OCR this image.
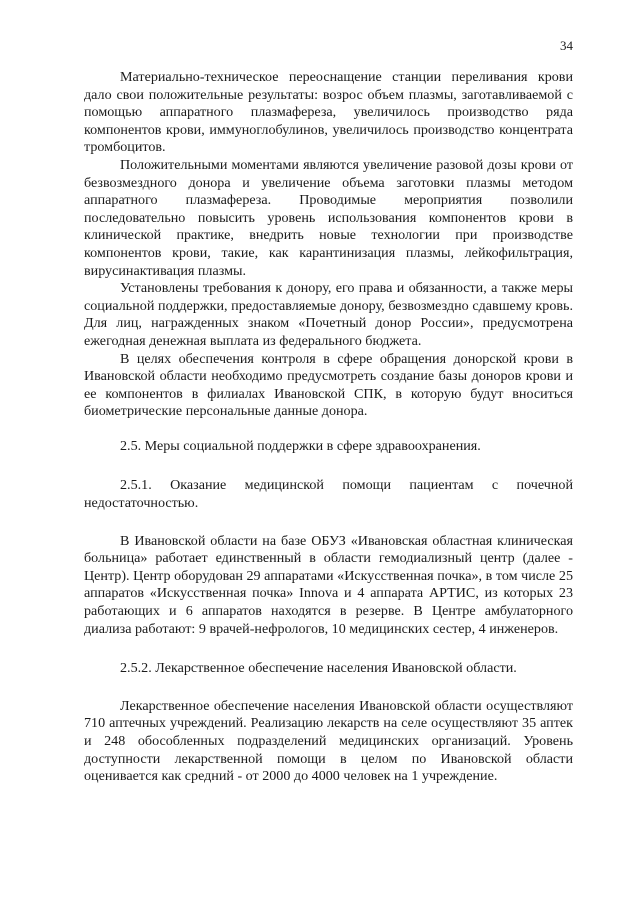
34

Материально-техническое переоснащение станции переливания крови дало свои положительные результаты: возрос объем плазмы, заготавливаемой с помощью аппаратного плазмафереза, увеличилось производство ряда компонентов крови, иммуноглобулинов, увеличилось производство концентрата тромбоцитов.

Положительными моментами являются увеличение разовой дозы крови от безвозмездного донора и увеличение объема заготовки плазмы методом аппаратного плазмафереза. Проводимые мероприятия позволили последовательно повысить уровень использования компонентов крови в клинической практике, внедрить новые технологии при производстве компонентов крови, такие, как карантинизация плазмы, лейкофильтрация, вирусинактивация плазмы.

Установлены требования к донору, его права и обязанности, а также меры социальной поддержки, предоставляемые донору, безвозмездно сдавшему кровь. Для лиц, награжденных знаком «Почетный донор России», предусмотрена ежегодная денежная выплата из федерального бюджета.

В целях обеспечения контроля в сфере обращения донорской крови в Ивановской области необходимо предусмотреть создание базы доноров крови и ее компонентов в филиалах Ивановской СПК, в которую будут вноситься биометрические персональные данные донора.

2.5. Меры социальной поддержки в сфере здравоохранения.

2.5.1. Оказание медицинской помощи пациентам с почечной недостаточностью.

В Ивановской области на базе ОБУЗ «Ивановская областная клиническая больница» работает единственный в области гемодиализный центр (далее - Центр). Центр оборудован 29 аппаратами «Искусственная почка», в том числе 25 аппаратов «Искусственная почка» Innova и 4 аппарата АРТИС, из которых 23 работающих и 6 аппаратов находятся в резерве. В Центре амбулаторного диализа работают: 9 врачей-нефрологов, 10 медицинских сестер, 4 инженеров.

2.5.2. Лекарственное обеспечение населения Ивановской области.

Лекарственное обеспечение населения Ивановской области осуществляют 710 аптечных учреждений. Реализацию лекарств на селе осуществляют 35 аптек и 248 обособленных подразделений медицинских организаций. Уровень доступности лекарственной помощи в целом по Ивановской области оценивается как средний - от 2000 до 4000 человек на 1 учреждение.
